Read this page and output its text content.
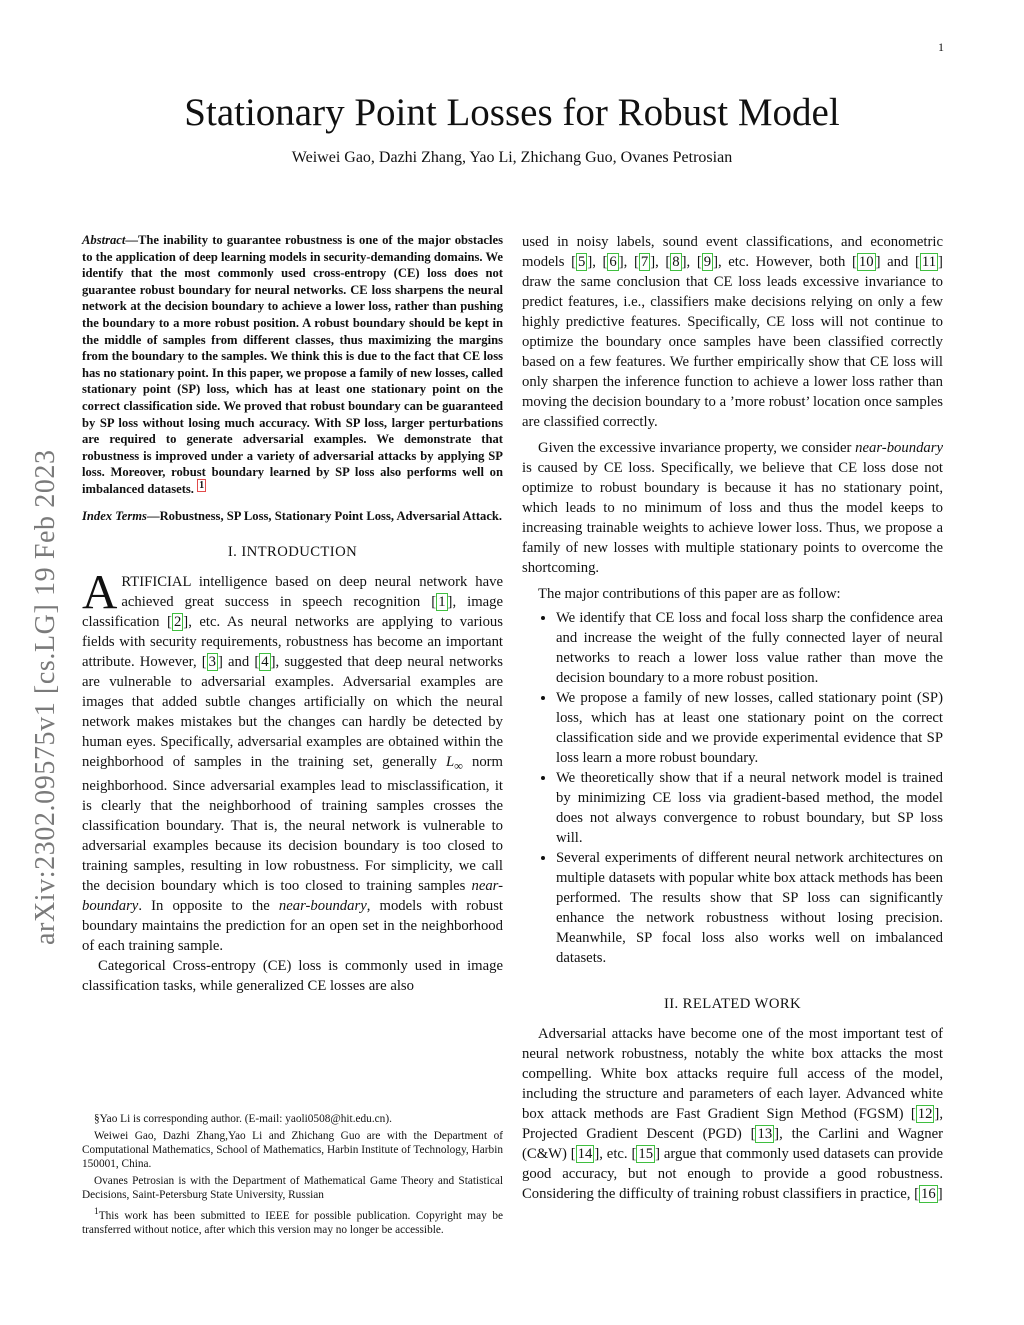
1
arXiv:2302.09575v1 [cs.LG] 19 Feb 2023
Stationary Point Losses for Robust Model
Weiwei Gao, Dazhi Zhang, Yao Li, Zhichang Guo, Ovanes Petrosian
Abstract—The inability to guarantee robustness is one of the major obstacles to the application of deep learning models in security-demanding domains. We identify that the most commonly used cross-entropy (CE) loss does not guarantee robust boundary for neural networks. CE loss sharpens the neural network at the decision boundary to achieve a lower loss, rather than pushing the boundary to a more robust position. A robust boundary should be kept in the middle of samples from different classes, thus maximizing the margins from the boundary to the samples. We think this is due to the fact that CE loss has no stationary point. In this paper, we propose a family of new losses, called stationary point (SP) loss, which has at least one stationary point on the correct classification side. We proved that robust boundary can be guaranteed by SP loss without losing much accuracy. With SP loss, larger perturbations are required to generate adversarial examples. We demonstrate that robustness is improved under a variety of adversarial attacks by applying SP loss. Moreover, robust boundary learned by SP loss also performs well on imbalanced datasets. $^1$
Index Terms—Robustness, SP Loss, Stationary Point Loss, Adversarial Attack.
I. INTRODUCTION

ARTIFICIAL intelligence based on deep neural network have achieved great success in speech recognition [ 1 ], image classification [ 2 ], etc. As neural networks are applying to various fields with security requirements, robustness has become an important attribute. However, [ 3 ] and [ 4 ], suggested that deep neural networks are vulnerable to adversarial examples. Adversarial examples are images that added subtle changes artificially on which the neural network makes mistakes but the changes can hardly be detected by human eyes. Specifically, adversarial examples are obtained within the neighborhood of samples in the training set, generally $L_\infty$ norm neighborhood. Since adversarial examples lead to misclassification, it is clearly that the neighborhood of training samples crosses the classification boundary. That is, the neural network is vulnerable to adversarial examples because its decision boundary is too closed to training samples, resulting in low robustness. For simplicity, we call the decision boundary which is too closed to training samples near-boundary. In opposite to the near-boundary, models with robust boundary maintains the prediction for an open set in the neighborhood of each training sample.

Categorical Cross-entropy (CE) loss is commonly used in image classification tasks, while generalized CE losses are also

§Yao Li is corresponding author. (E-mail: yaoli0508@hit.edu.cn).

Weiwei Gao, Dazhi Zhang,Yao Li and Zhichang Guo are with the Department of Computational Mathematics, School of Mathematics, Harbin Institute of Technology, Harbin 150001, China.

Ovanes Petrosian is with the Department of Mathematical Game Theory and Statistical Decisions, Saint-Petersburg State University, Russian

$^1$This work has been submitted to IEEE for possible publication. Copyright may be transferred without notice, after which this version may no longer be accessible.

used in noisy labels, sound event classifications, and econometric models [ 5 ], [ 6 ], [ 7 ], [ 8 ], [ 9 ], etc. However, both [ 10 ] and [ 11 ] draw the same conclusion that CE loss leads excessive invariance to predict features, i.e., classifiers make decisions relying on only a few highly predictive features. Specifically, CE loss will not continue to optimize the boundary once samples have been classified correctly based on a few features. We further empirically show that CE loss will only sharpen the inference function to achieve a lower loss rather than moving the decision boundary to a ’more robust’ location once samples are classified correctly.

Given the excessive invariance property, we consider near-boundary is caused by CE loss. Specifically, we believe that CE loss dose not optimize to robust boundary is because it has no stationary point, which leads to no minimum of loss and thus the model keeps to increasing trainable weights to achieve lower loss. Thus, we propose a family of new losses with multiple stationary points to overcome the shortcoming.

The major contributions of this paper are as follow:

• We identify that CE loss and focal loss sharp the confidence area and increase the weight of the fully connected layer of neural networks to reach a lower loss value rather than move the decision boundary to a more robust position.
• We propose a family of new losses, called stationary point (SP) loss, which has at least one stationary point on the correct classification side and we provide experimental evidence that SP loss learn a more robust boundary.
• We theoretically show that if a neural network model is trained by minimizing CE loss via gradient-based method, the model does not always convergence to robust boundary, but SP loss will.
• Several experiments of different neural network architectures on multiple datasets with popular white box attack methods has been performed. The results show that SP loss can significantly enhance the network robustness without losing precision. Meanwhile, SP focal loss also works well on imbalanced datasets.
II. RELATED WORK

Adversarial attacks have become one of the most important test of neural network robustness, notably the white box attacks the most compelling. White box attacks require full access of the model, including the structure and parameters of each layer. Advanced white box attack methods are Fast Gradient Sign Method (FGSM) [ 12 ], Projected Gradient Descent (PGD) [ 13 ], the Carlini and Wagner (C&W) [ 14 ], etc. [ 15 ] argue that commonly used datasets can provide good accuracy, but not enough to provide a good robustness. Considering the difficulty of training robust classifiers in practice, [ 16 ]
